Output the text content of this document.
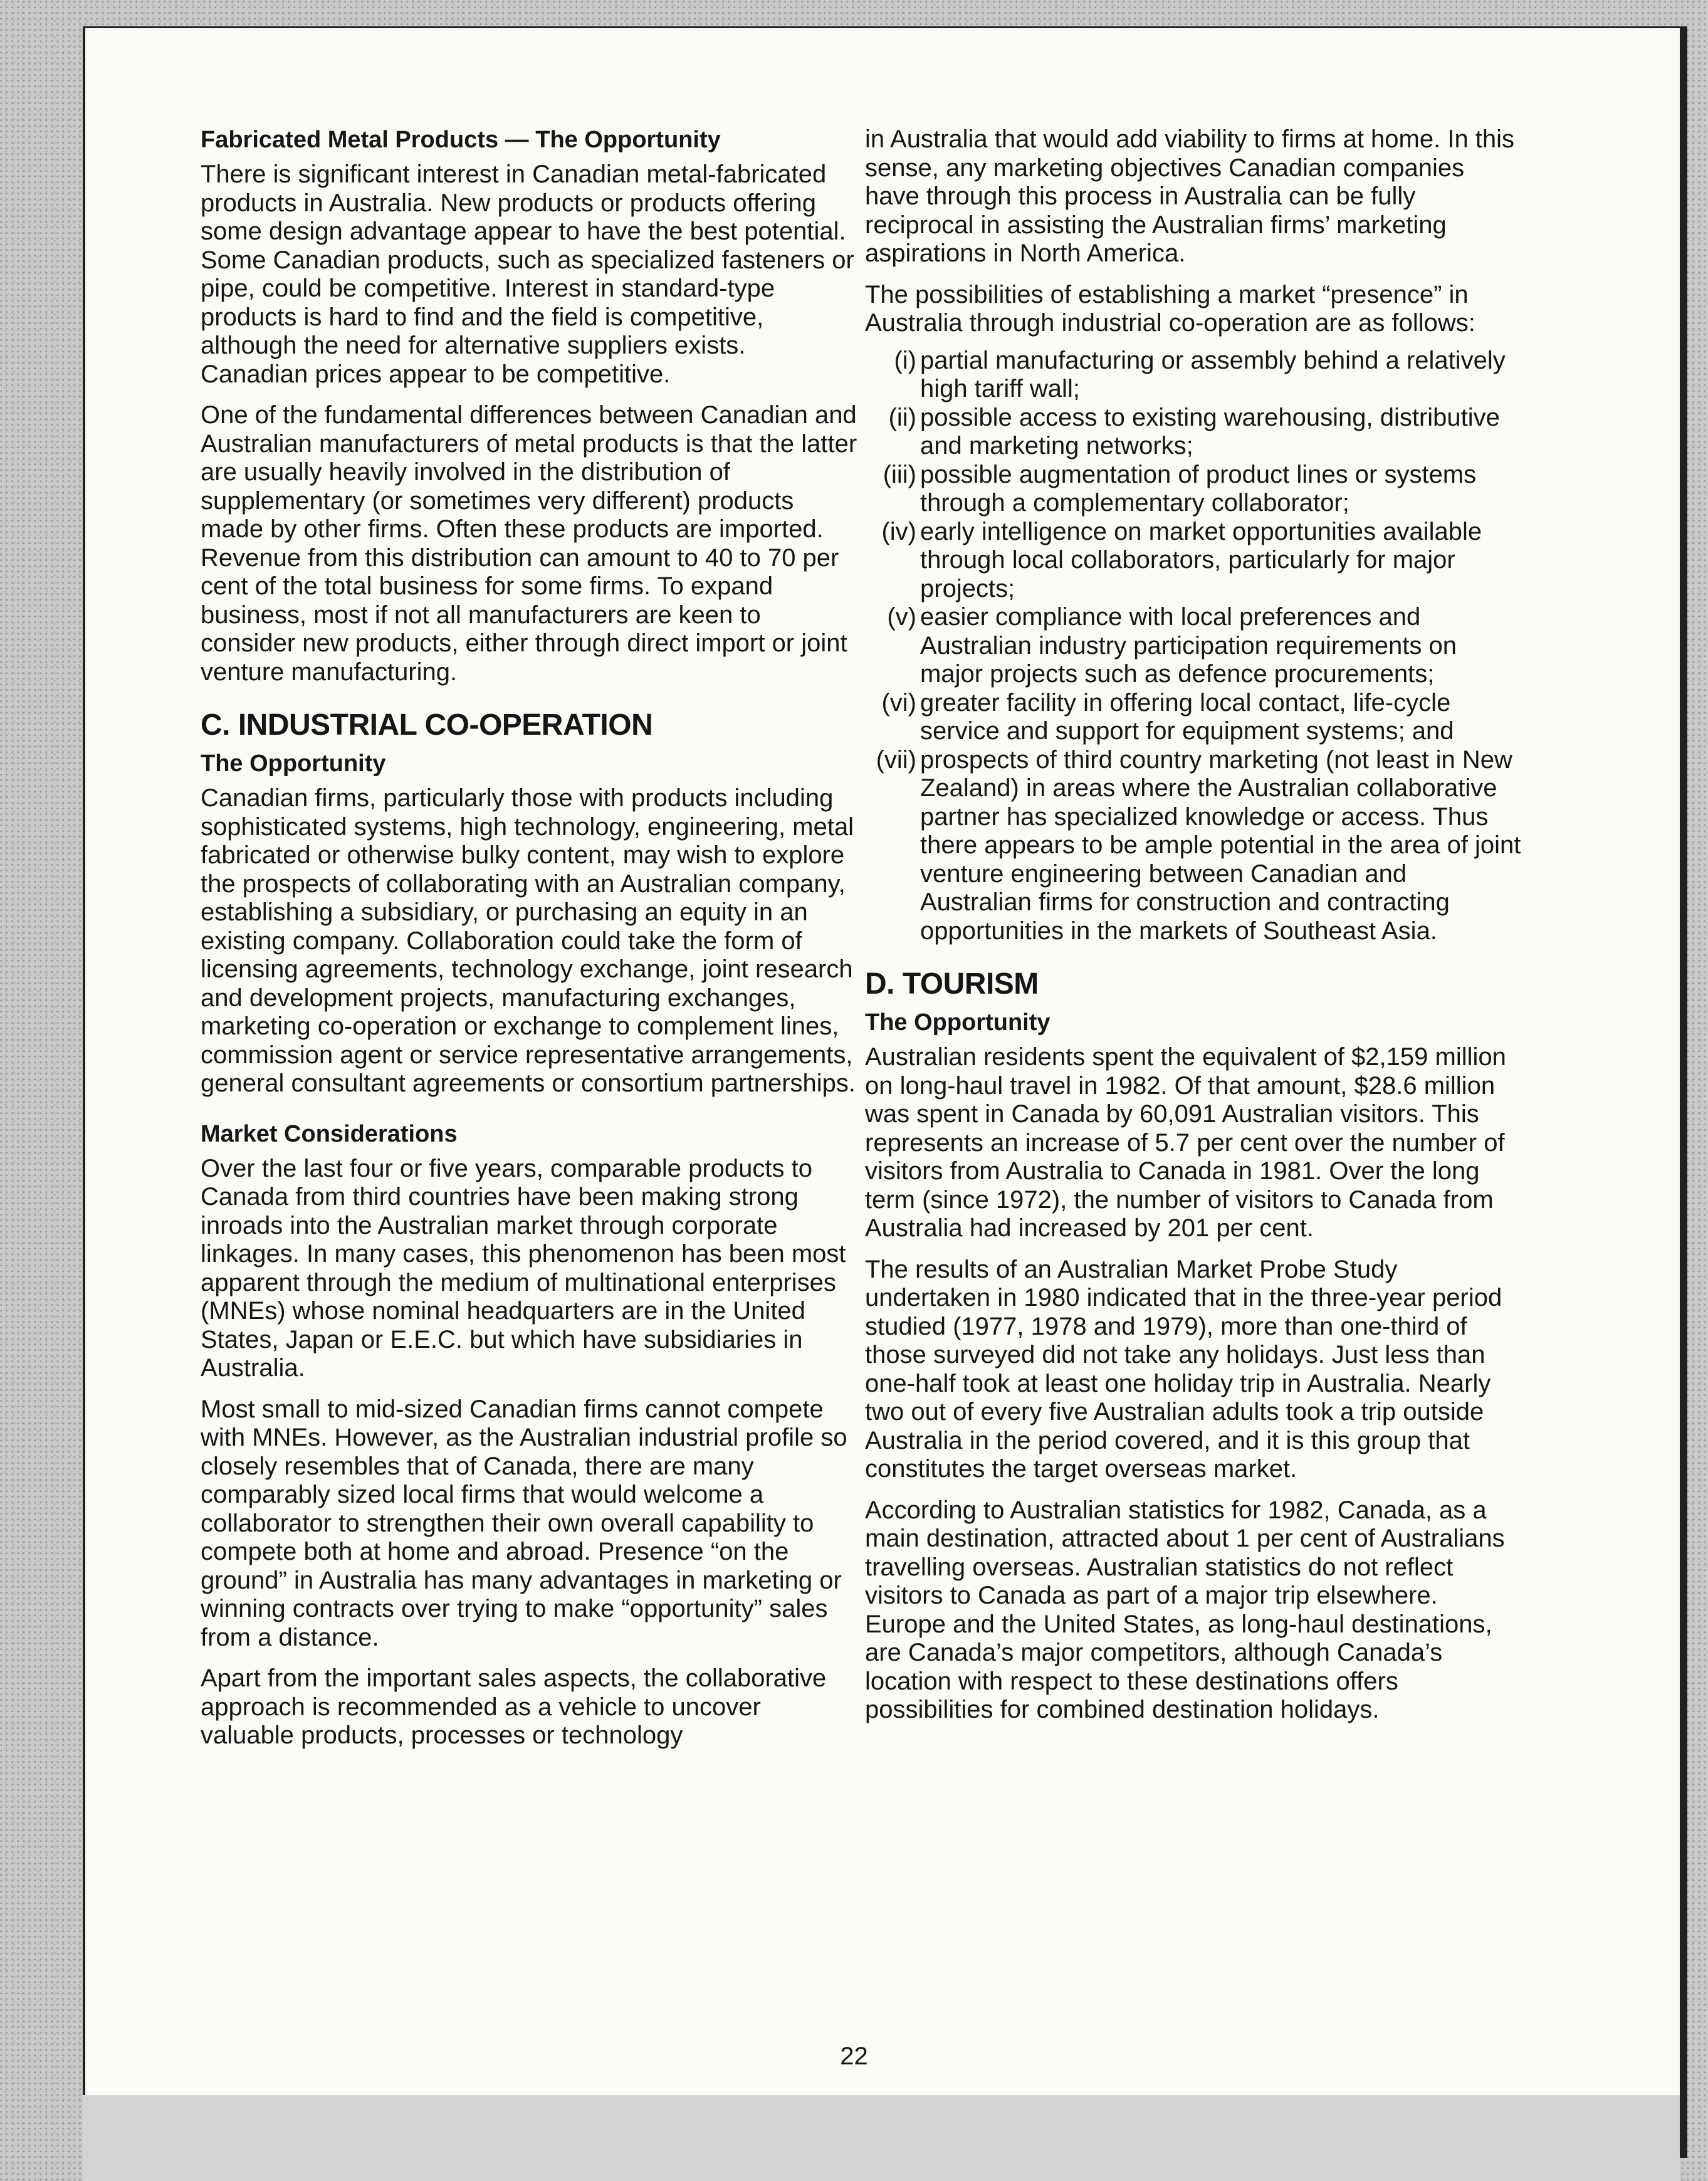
Fabricated Metal Products — The Opportunity

There is significant interest in Canadian metal-fabricated products in Australia. New products or products offering some design advantage appear to have the best potential. Some Canadian products, such as specialized fasteners or pipe, could be competitive. Interest in standard-type products is hard to find and the field is competitive, although the need for alternative suppliers exists. Canadian prices appear to be competitive.

One of the fundamental differences between Canadian and Australian manufacturers of metal products is that the latter are usually heavily involved in the distribution of supplementary (or sometimes very different) products made by other firms. Often these products are imported. Revenue from this distribution can amount to 40 to 70 per cent of the total business for some firms. To expand business, most if not all manufacturers are keen to consider new products, either through direct import or joint venture manufacturing.

C. INDUSTRIAL CO-OPERATION
The Opportunity

Canadian firms, particularly those with products including sophisticated systems, high technology, engineering, metal fabricated or otherwise bulky content, may wish to explore the prospects of collaborating with an Australian company, establishing a subsidiary, or purchasing an equity in an existing company. Collaboration could take the form of licensing agreements, technology exchange, joint research and development projects, manufacturing exchanges, marketing co-operation or exchange to complement lines, commission agent or service representative arrangements, general consultant agreements or consortium partnerships.

Market Considerations

Over the last four or five years, comparable products to Canada from third countries have been making strong inroads into the Australian market through corporate linkages. In many cases, this phenomenon has been most apparent through the medium of multinational enterprises (MNEs) whose nominal headquarters are in the United States, Japan or E.E.C. but which have subsidiaries in Australia.

Most small to mid-sized Canadian firms cannot compete with MNEs. However, as the Australian industrial profile so closely resembles that of Canada, there are many comparably sized local firms that would welcome a collaborator to strengthen their own overall capability to compete both at home and abroad. Presence “on the ground” in Australia has many advantages in marketing or winning contracts over trying to make “opportunity” sales from a distance.

Apart from the important sales aspects, the collaborative approach is recommended as a vehicle to uncover valuable products, processes or technology

in Australia that would add viability to firms at home. In this sense, any marketing objectives Canadian companies have through this process in Australia can be fully reciprocal in assisting the Australian firms’ marketing aspirations in North America.

The possibilities of establishing a market “presence” in Australia through industrial co-operation are as follows:

(i) partial manufacturing or assembly behind a relatively high tariff wall;
(ii) possible access to existing warehousing, distributive and marketing networks;
(iii) possible augmentation of product lines or systems through a complementary collaborator;
(iv) early intelligence on market opportunities available through local collaborators, particularly for major projects;
(v) easier compliance with local preferences and Australian industry participation requirements on major projects such as defence procurements;
(vi) greater facility in offering local contact, life-cycle service and support for equipment systems; and
(vii) prospects of third country marketing (not least in New Zealand) in areas where the Australian collaborative partner has specialized knowledge or access. Thus there appears to be ample potential in the area of joint venture engineering between Canadian and Australian firms for construction and contracting opportunities in the markets of Southeast Asia.
D. TOURISM
The Opportunity

Australian residents spent the equivalent of $2,159 million on long-haul travel in 1982. Of that amount, $28.6 million was spent in Canada by 60,091 Australian visitors. This represents an increase of 5.7 per cent over the number of visitors from Australia to Canada in 1981. Over the long term (since 1972), the number of visitors to Canada from Australia had increased by 201 per cent.

The results of an Australian Market Probe Study undertaken in 1980 indicated that in the three-year period studied (1977, 1978 and 1979), more than one-third of those surveyed did not take any holidays. Just less than one-half took at least one holiday trip in Australia. Nearly two out of every five Australian adults took a trip outside Australia in the period covered, and it is this group that constitutes the target overseas market.

According to Australian statistics for 1982, Canada, as a main destination, attracted about 1 per cent of Australians travelling overseas. Australian statistics do not reflect visitors to Canada as part of a major trip elsewhere. Europe and the United States, as long-haul destinations, are Canada’s major competitors, although Canada’s location with respect to these destinations offers possibilities for combined destination holidays.

22
